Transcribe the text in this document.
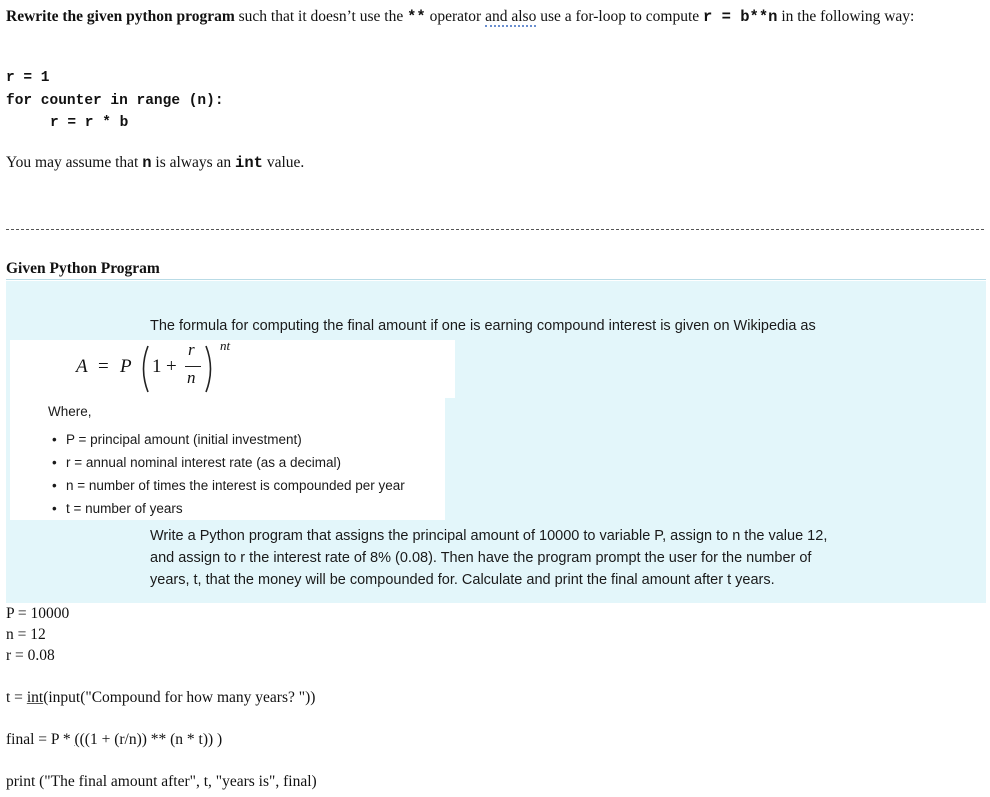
Rewrite the given python program such that it doesn’t use the ** operator and also use a for-loop to compute r = b**n in the following way:
r = 1
for counter in range (n):
r = r * b
You may assume that n is always an int value.
Given Python Program
The formula for computing the final amount if one is earning compound interest is given on Wikipedia as
A = P 1 +
r
n
nt
Where,
• P = principal amount (initial investment)
• r = annual nominal interest rate (as a decimal)
• n = number of times the interest is compounded per year
• t = number of years
Write a Python program that assigns the principal amount of 10000 to variable P, assign to n the value 12,
and assign to r the interest rate of 8% (0.08). Then have the program prompt the user for the number of
years, t, that the money will be compounded for. Calculate and print the final amount after t years.
P = 10000
n = 12
r = 0.08
t = int(input("Compound for how many years? "))
final = P * (((1 + (r/n)) ** (n * t)) )
print ("The final amount after", t, "years is", final)
